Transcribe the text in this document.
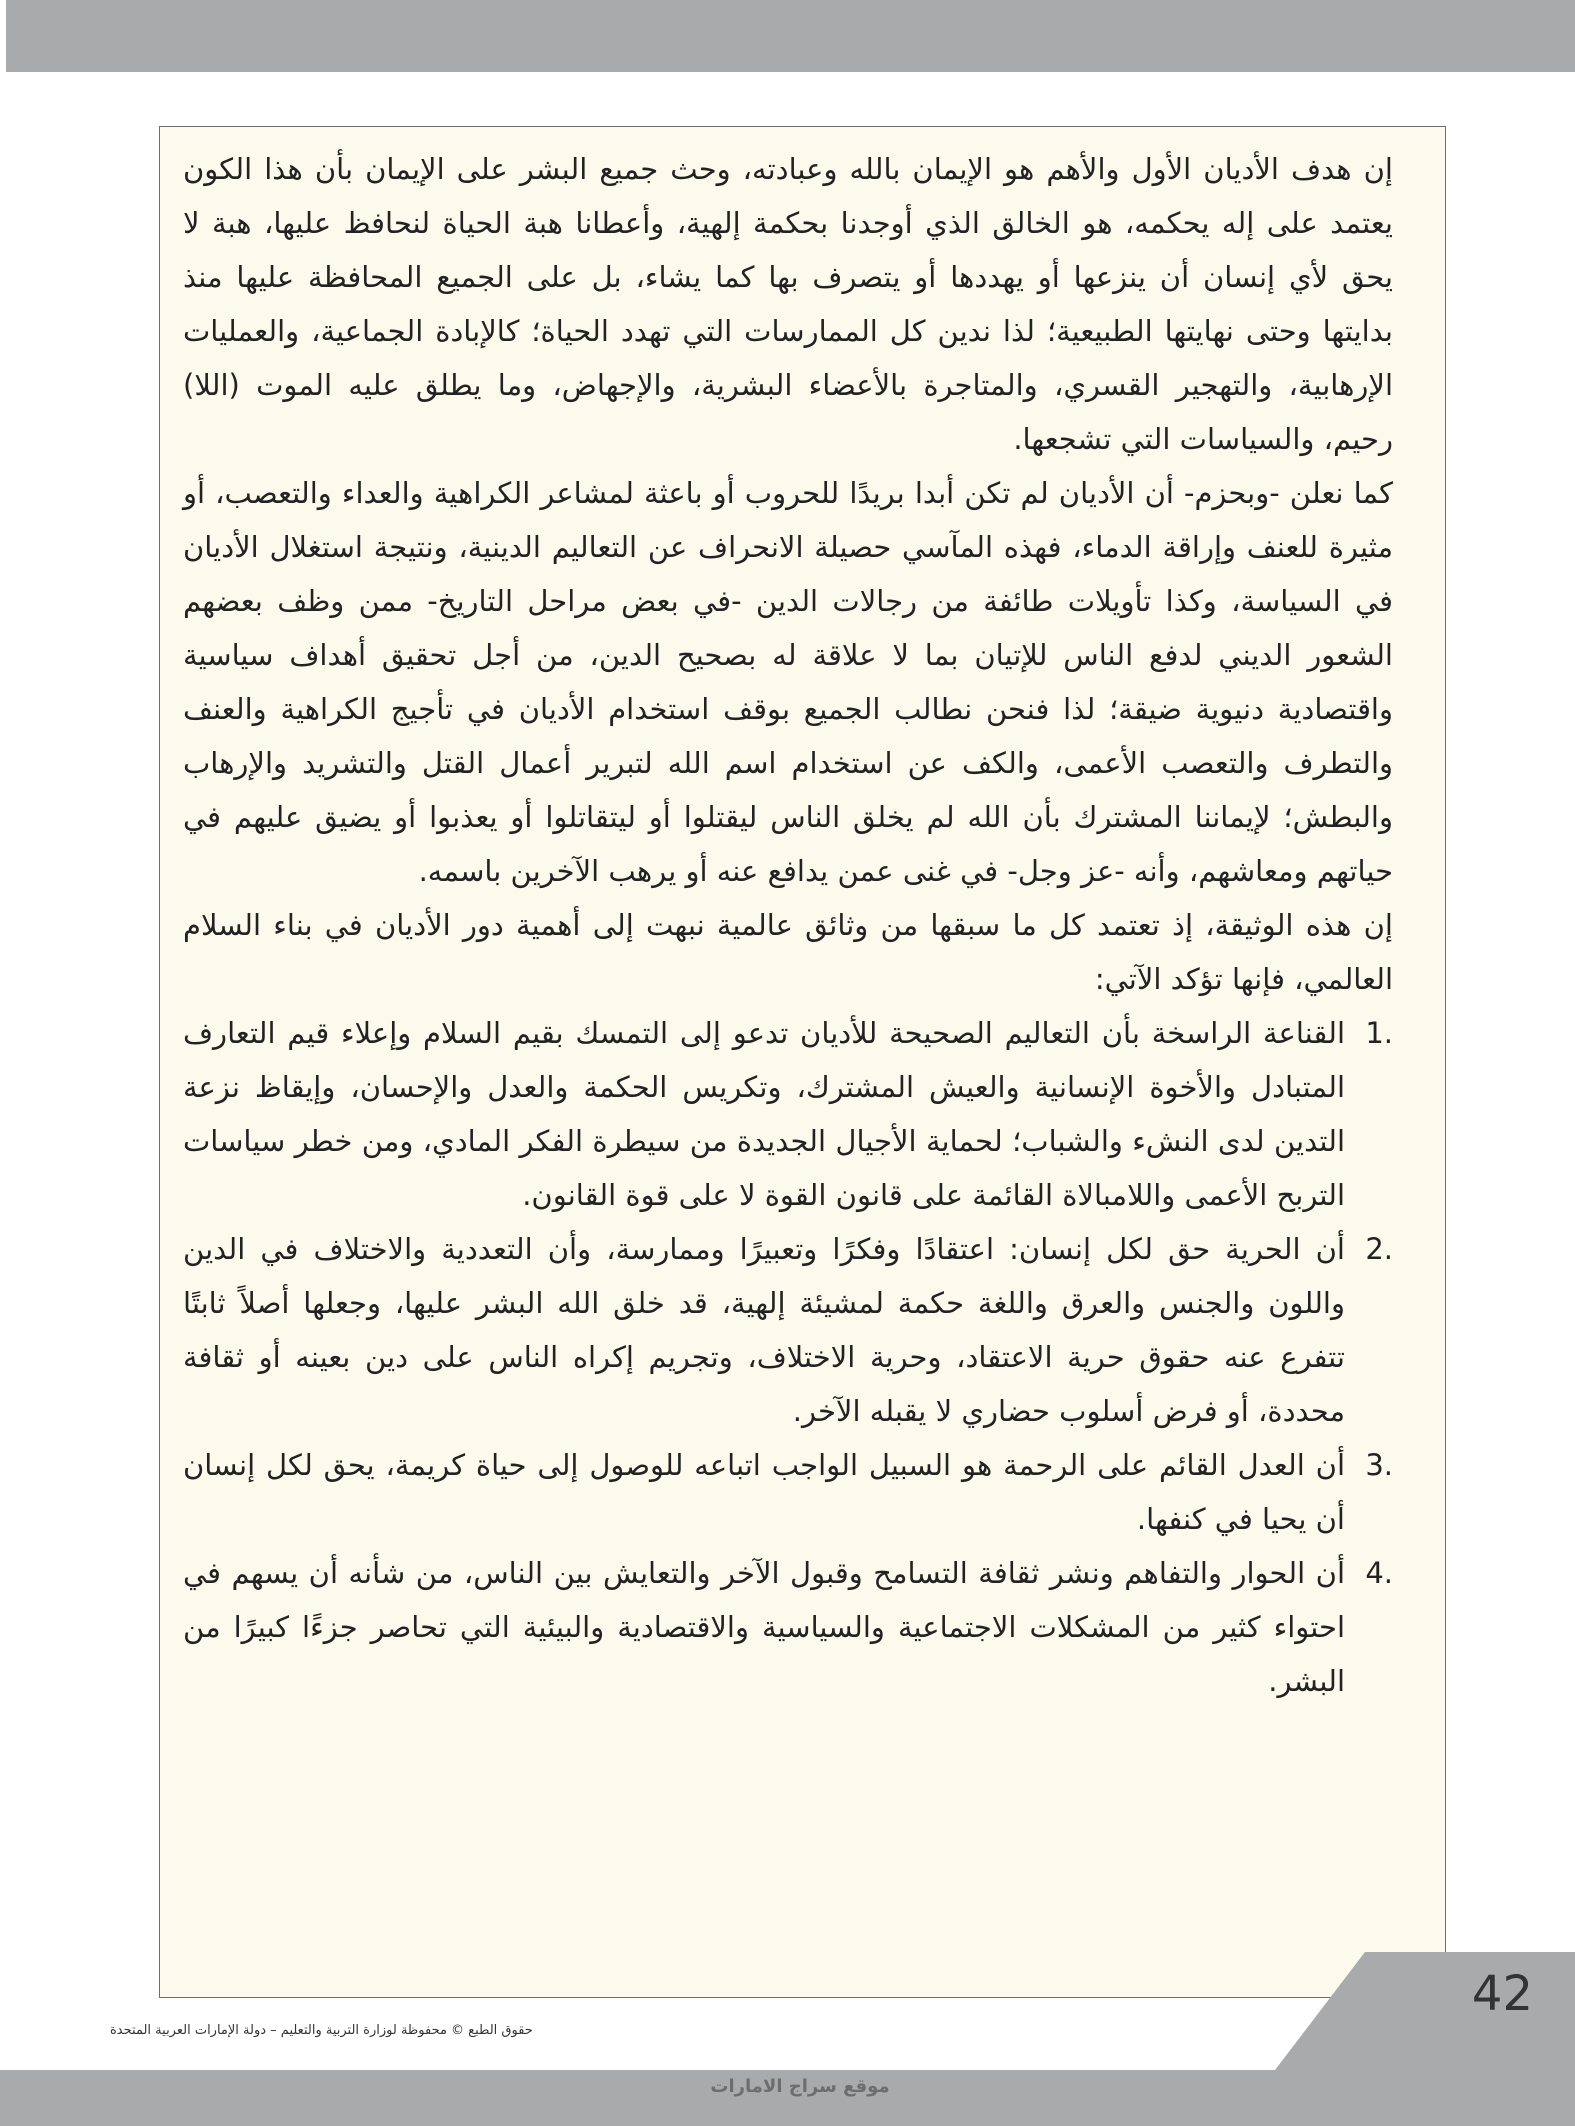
إن هدف الأديان الأول والأهم هو الإيمان بالله وعبادته، وحث جميع البشر على الإيمان بأن هذا الكون يعتمد على إله يحكمه، هو الخالق الذي أوجدنا بحكمة إلهية، وأعطانا هبة الحياة لنحافظ عليها، هبة لا يحق لأي إنسان أن ينزعها أو يهددها أو يتصرف بها كما يشاء، بل على الجميع المحافظة عليها منذ بدايتها وحتى نهايتها الطبيعية؛ لذا ندين كل الممارسات التي تهدد الحياة؛ كالإبادة الجماعية، والعمليات الإرهابية، والتهجير القسري، والمتاجرة بالأعضاء البشرية، والإجهاض، وما يطلق عليه الموت (اللا) رحيم، والسياسات التي تشجعها.

كما نعلن -وبحزم- أن الأديان لم تكن أبدا بريدًا للحروب أو باعثة لمشاعر الكراهية والعداء والتعصب، أو مثيرة للعنف وإراقة الدماء، فهذه المآسي حصيلة الانحراف عن التعاليم الدينية، ونتيجة استغلال الأديان في السياسة، وكذا تأويلات طائفة من رجالات الدين -في بعض مراحل التاريخ- ممن وظف بعضهم الشعور الديني لدفع الناس للإتيان بما لا علاقة له بصحيح الدين، من أجل تحقيق أهداف سياسية واقتصادية دنيوية ضيقة؛ لذا فنحن نطالب الجميع بوقف استخدام الأديان في تأجيج الكراهية والعنف والتطرف والتعصب الأعمى، والكف عن استخدام اسم الله لتبرير أعمال القتل والتشريد والإرهاب والبطش؛ لإيماننا المشترك بأن الله لم يخلق الناس ليقتلوا أو ليتقاتلوا أو يعذبوا أو يضيق عليهم في حياتهم ومعاشهم، وأنه -عز وجل- في غنى عمن يدافع عنه أو يرهب الآخرين باسمه.

إن هذه الوثيقة، إذ تعتمد كل ما سبقها من وثائق عالمية نبهت إلى أهمية دور الأديان في بناء السلام العالمي، فإنها تؤكد الآتي:

1.
القناعة الراسخة بأن التعاليم الصحيحة للأديان تدعو إلى التمسك بقيم السلام وإعلاء قيم التعارف المتبادل والأخوة الإنسانية والعيش المشترك، وتكريس الحكمة والعدل والإحسان، وإيقاظ نزعة التدين لدى النشء والشباب؛ لحماية الأجيال الجديدة من سيطرة الفكر المادي، ومن خطر سياسات التربح الأعمى واللامبالاة القائمة على قانون القوة لا على قوة القانون.
2.
أن الحرية حق لكل إنسان: اعتقادًا وفكرًا وتعبيرًا وممارسة، وأن التعددية والاختلاف في الدين واللون والجنس والعرق واللغة حكمة لمشيئة إلهية، قد خلق الله البشر عليها، وجعلها أصلاً ثابتًا تتفرع عنه حقوق حرية الاعتقاد، وحرية الاختلاف، وتجريم إكراه الناس على دين بعينه أو ثقافة محددة، أو فرض أسلوب حضاري لا يقبله الآخر.
3.
أن العدل القائم على الرحمة هو السبيل الواجب اتباعه للوصول إلى حياة كريمة، يحق لكل إنسان أن يحيا في كنفها.
4.
أن الحوار والتفاهم ونشر ثقافة التسامح وقبول الآخر والتعايش بين الناس، من شأنه أن يسهم في احتواء كثير من المشكلات الاجتماعية والسياسية والاقتصادية والبيئية التي تحاصر جزءًا كبيرًا من البشر.
42
حقوق الطبع © محفوظة لوزارة التربية والتعليم – دولة الإمارات العربية المتحدة
موقع سراج الامارات
